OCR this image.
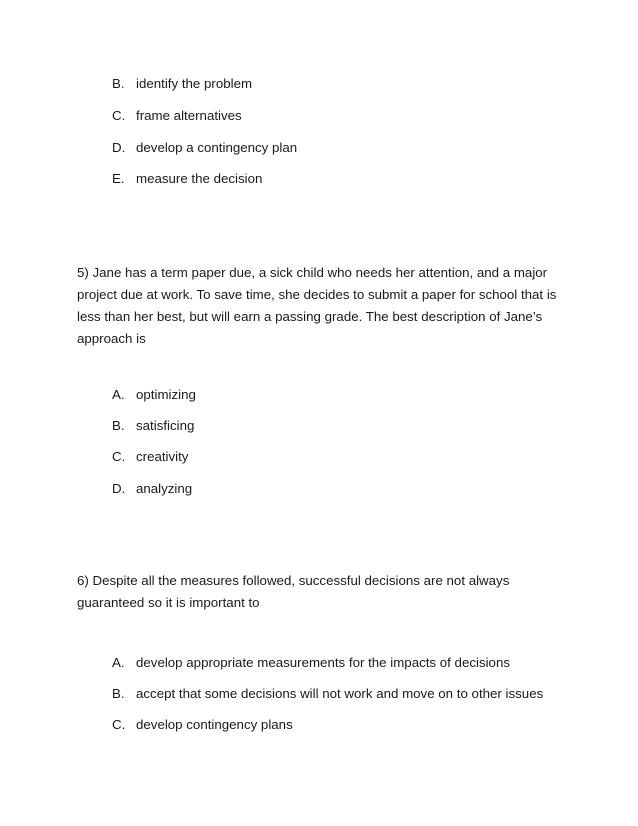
B. identify the problem
C. frame alternatives
D. develop a contingency plan
E. measure the decision
5) Jane has a term paper due, a sick child who needs her attention, and a major
project due at work. To save time, she decides to submit a paper for school that is
less than her best, but will earn a passing grade. The best description of Jane’s
approach is
A. optimizing
B. satisficing
C. creativity
D. analyzing
6) Despite all the measures followed, successful decisions are not always
guaranteed so it is important to
A. develop appropriate measurements for the impacts of decisions
B. accept that some decisions will not work and move on to other issues
C. develop contingency plans
